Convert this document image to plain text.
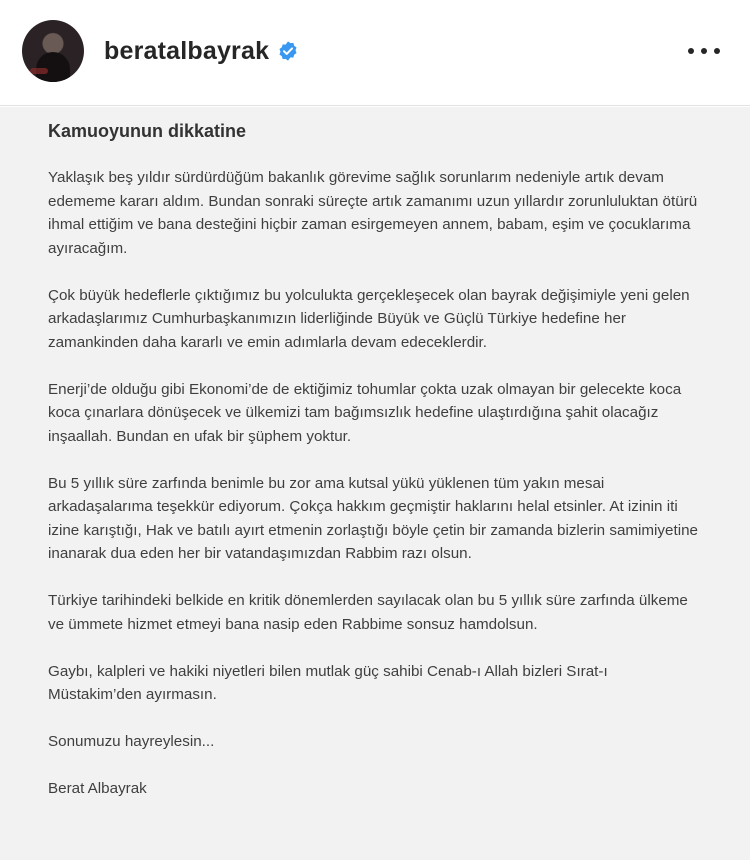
beratalbayrak
Kamuoyunun dikkatine

Yaklaşık beş yıldır sürdürdüğüm bakanlık görevime sağlık sorunlarım nedeniyle artık devam edememe kararı aldım. Bundan sonraki süreçte artık zamanımı uzun yıllardır zorunluluktan ötürü ihmal ettiğim ve bana desteğini hiçbir zaman esirgemeyen annem, babam, eşim ve çocuklarıma ayıracağım.

Çok büyük hedeflerle çıktığımız bu yolculukta gerçekleşecek olan bayrak değişimiyle yeni gelen arkadaşlarımız Cumhurbaşkanımızın liderliğinde Büyük ve Güçlü Türkiye hedefine her zamankinden daha kararlı ve emin adımlarla devam edeceklerdir.

Enerji’de olduğu gibi Ekonomi’de de ektiğimiz tohumlar çokta uzak olmayan bir gelecekte koca koca çınarlara dönüşecek ve ülkemizi tam bağımsızlık hedefine ulaştırdığına şahit olacağız inşaallah. Bundan en ufak bir şüphem yoktur.

Bu 5 yıllık süre zarfında benimle bu zor ama kutsal yükü yüklenen tüm yakın mesai arkadaşalarıma teşekkür ediyorum. Çokça hakkım geçmiştir haklarını helal etsinler. At izinin iti izine karıştığı, Hak ve batılı ayırt etmenin zorlaştığı böyle çetin bir zamanda bizlerin samimiyetine inanarak dua eden her bir vatandaşımızdan Rabbim razı olsun.

Türkiye tarihindeki belkide en kritik dönemlerden sayılacak olan bu 5 yıllık süre zarfında ülkeme ve ümmete hizmet etmeyi bana nasip eden Rabbime sonsuz hamdolsun.

Gaybı, kalpleri ve hakiki niyetleri bilen mutlak güç sahibi Cenab-ı Allah bizleri Sırat-ı Müstakim’den ayırmasın.

Sonumuzu hayreylesin...

Berat Albayrak
